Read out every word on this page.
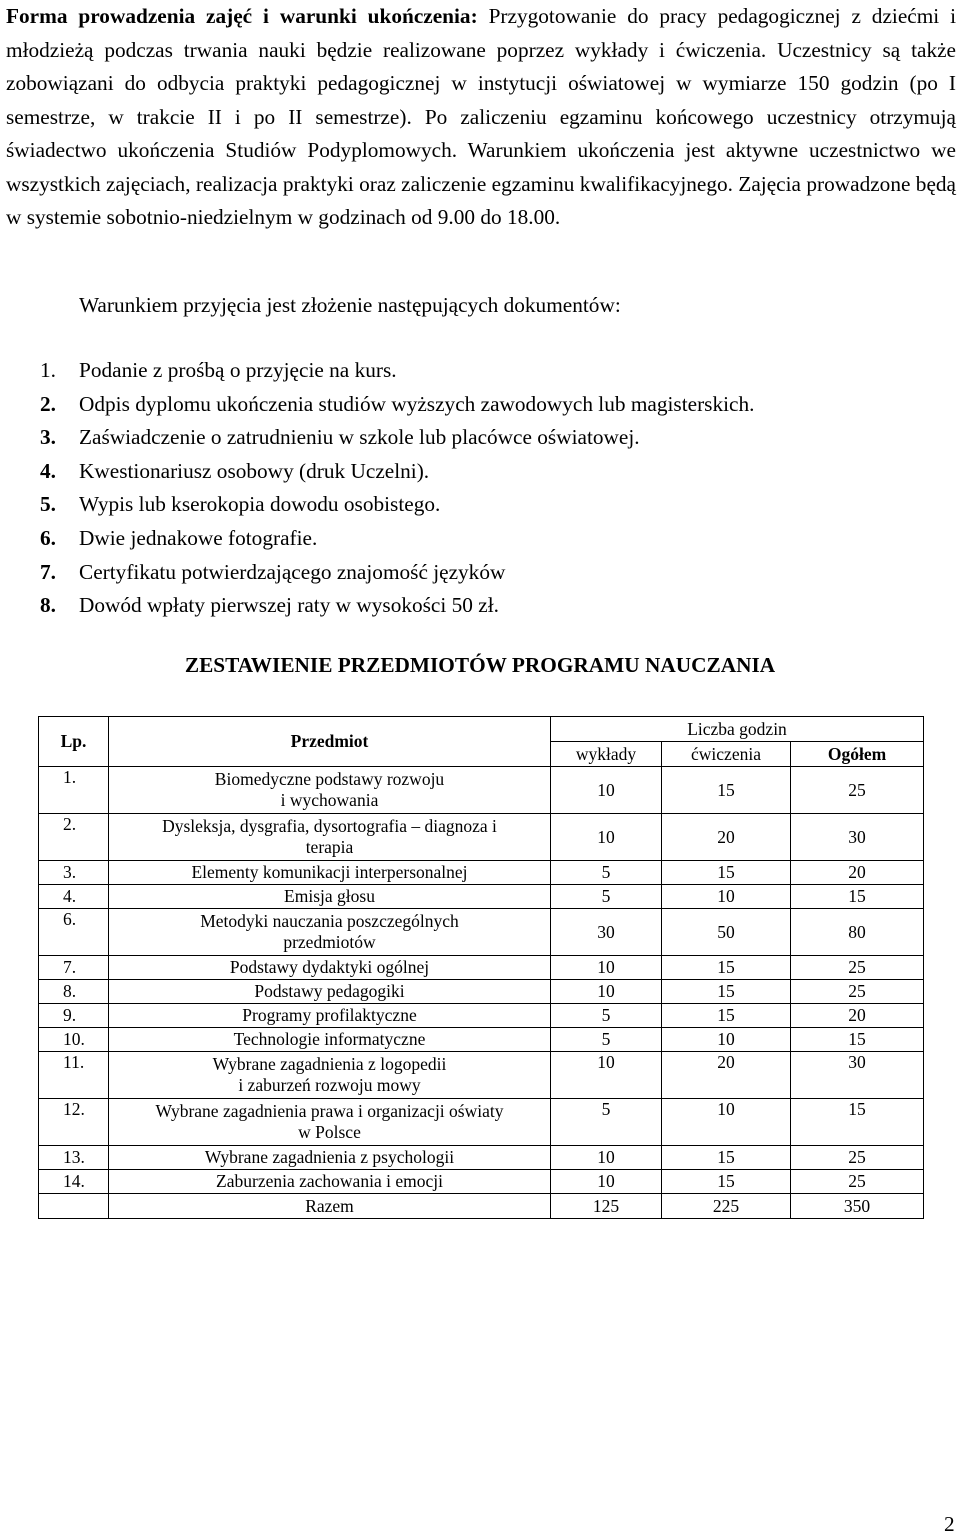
Forma prowadzenia zajęć i warunki ukończenia: Przygotowanie do pracy pedagogicznej z dziećmi i młodzieżą podczas trwania nauki będzie realizowane poprzez wykłady i ćwiczenia. Uczestnicy są także zobowiązani do odbycia praktyki pedagogicznej w instytucji oświatowej w wymiarze 150 godzin (po I semestrze, w trakcie II i po II semestrze). Po zaliczeniu egzaminu końcowego uczestnicy otrzymują świadectwo ukończenia Studiów Podyplomowych. Warunkiem ukończenia jest aktywne uczestnictwo we wszystkich zajęciach, realizacja praktyki oraz zaliczenie egzaminu kwalifikacyjnego. Zajęcia prowadzone będą w systemie sobotnio-niedzielnym w godzinach od 9.00 do 18.00.

Warunkiem przyjęcia jest złożenie następujących dokumentów:

1.	Podanie z prośbą o przyjęcie na kurs.
2.	Odpis dyplomu ukończenia studiów wyższych zawodowych lub magisterskich.
3.	Zaświadczenie o zatrudnieniu w szkole lub placówce oświatowej.
4.	Kwestionariusz osobowy (druk Uczelni).
5.	Wypis lub kserokopia dowodu osobistego.
6.	Dwie jednakowe fotografie.
7.	Certyfikatu potwierdzającego znajomość języków
8.	Dowód wpłaty pierwszej raty w wysokości 50 zł.

ZESTAWIENIE PRZEDMIOTÓW PROGRAMU NAUCZANIA

Lp.	Przedmiot	Liczba godzin		
		wykłady	ćwiczenia	Ogółem
1.	Biomedyczne podstawy rozwoju
i wychowania	10	15	25
2.	Dysleksja, dysgrafia, dysortografia – diagnoza i
terapia	10	20	30
3.	Elementy komunikacji interpersonalnej	5	15	20
4.	Emisja głosu	5	10	15
6.	Metodyki nauczania poszczególnych
przedmiotów	30	50	80
7.	Podstawy dydaktyki ogólnej	10	15	25
8.	Podstawy pedagogiki	10	15	25
9.	Programy profilaktyczne	5	15	20
10.	Technologie informatyczne	5	10	15
11.	Wybrane zagadnienia z logopedii
i zaburzeń rozwoju mowy	10	20	30
12.	Wybrane zagadnienia prawa i organizacji oświaty
w Polsce	5	10	15
13.	Wybrane zagadnienia z psychologii	10	15	25
14.	Zaburzenia zachowania i emocji	10	15	25
	Razem	125	225	350

2
